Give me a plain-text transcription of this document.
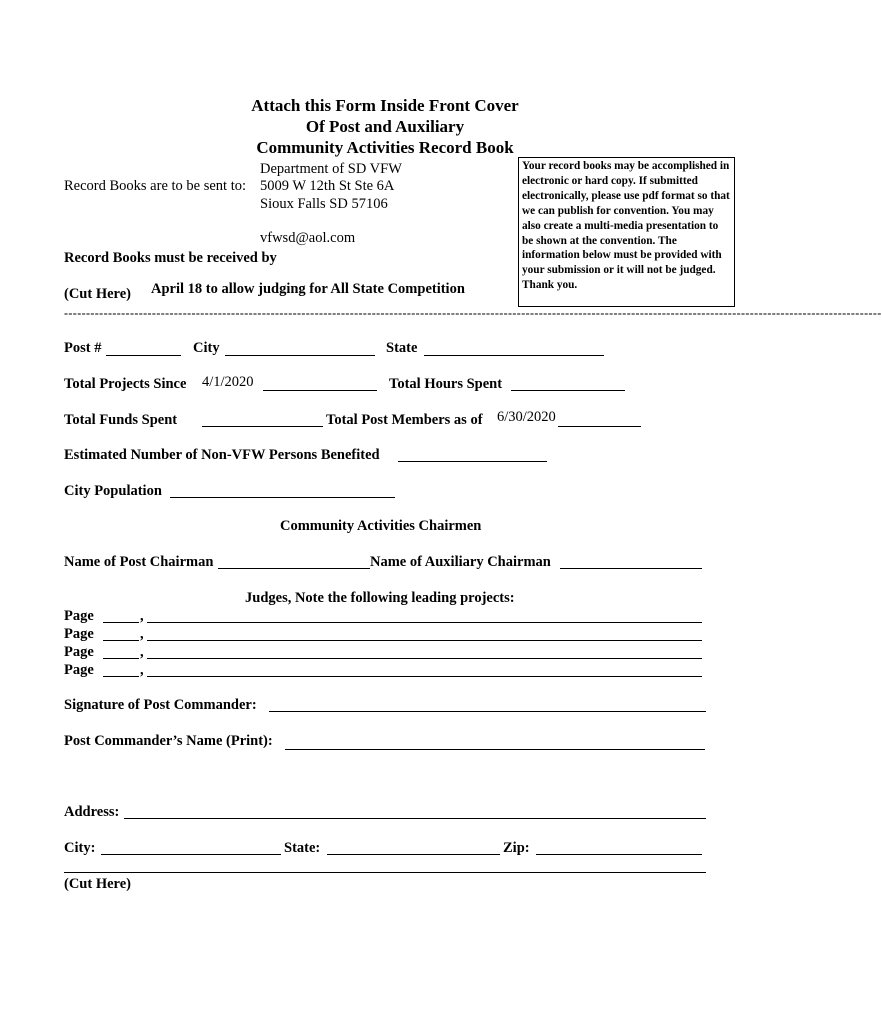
Attach this Form Inside Front Cover
Of Post and Auxiliary
Community Activities Record Book
Department of SD VFW
Record Books are to be sent to: 5009 W 12th St Ste 6A
Sioux Falls SD 57106
vfwsd@aol.com
Your record books may be accomplished in electronic or hard copy. If submitted electronically, please use pdf format so that we can publish for convention. You may also create a multi-media presentation to be shown at the convention. The information below must be provided with your submission or it will not be judged. Thank you.
Record Books must be received by
(Cut Here) April 18 to allow judging for All State Competition
------------------------------------------------------------------------------------------------------------------------------------------------------------------------------------------
Post #	City	State
Total Projects Since 4/1/2020	Total Hours Spent
Total Funds Spent	Total Post Members as of 6/30/2020
Estimated Number of Non-VFW Persons Benefited
City Population
Community Activities Chairmen
Name of Post Chairman	Name of Auxiliary Chairman
Judges, Note the following leading projects:
Page	,
Page	,
Page	,
Page	,
Signature of Post Commander:
Post Commander’s Name (Print):
Address:
City:	State:	Zip:
(Cut Here)
